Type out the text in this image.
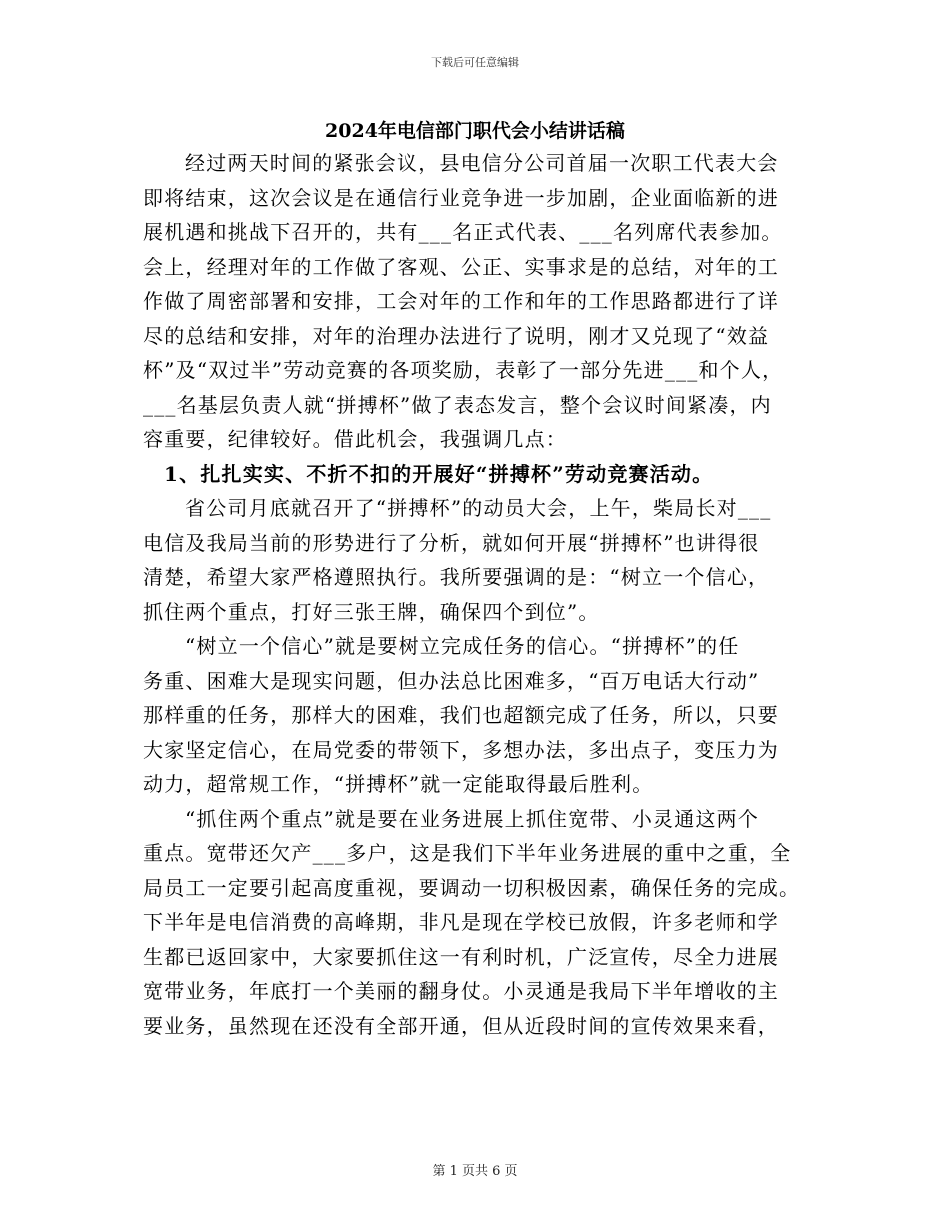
下载后可任意编辑
2024年电信部门职代会小结讲话稿
经过两天时间的紧张会议，县电信分公司首届一次职工代表大会
即将结束，这次会议是在通信行业竞争进一步加剧，企业面临新的进
展机遇和挑战下召开的，共有___名正式代表、___名列席代表参加。
会上，经理对年的工作做了客观、公正、实事求是的总结，对年的工
作做了周密部署和安排，工会对年的工作和年的工作思路都进行了详
尽的总结和安排，对年的治理办法进行了说明，刚才又兑现了“效益
杯”及“双过半”劳动竞赛的各项奖励，表彰了一部分先进___和个人，
___名基层负责人就“拼搏杯”做了表态发言，整个会议时间紧凑，内
容重要，纪律较好。借此机会，我强调几点：
1、扎扎实实、不折不扣的开展好“拼搏杯”劳动竞赛活动。
省公司月底就召开了“拼搏杯”的动员大会，上午，柴局长对___
电信及我局当前的形势进行了分析，就如何开展“拼搏杯”也讲得很
清楚，希望大家严格遵照执行。我所要强调的是：“树立一个信心，
抓住两个重点，打好三张王牌，确保四个到位”。
“树立一个信心”就是要树立完成任务的信心。“拼搏杯”的任
务重、困难大是现实问题，但办法总比困难多，“百万电话大行动”
那样重的任务，那样大的困难，我们也超额完成了任务，所以，只要
大家坚定信心，在局党委的带领下，多想办法，多出点子，变压力为
动力，超常规工作，“拼搏杯”就一定能取得最后胜利。
“抓住两个重点”就是要在业务进展上抓住宽带、小灵通这两个
重点。宽带还欠产___多户，这是我们下半年业务进展的重中之重，全
局员工一定要引起高度重视，要调动一切积极因素，确保任务的完成。
下半年是电信消费的高峰期，非凡是现在学校已放假，许多老师和学
生都已返回家中，大家要抓住这一有利时机，广泛宣传，尽全力进展
宽带业务，年底打一个美丽的翻身仗。小灵通是我局下半年增收的主
要业务，虽然现在还没有全部开通，但从近段时间的宣传效果来看，
第 1 页共 6 页
